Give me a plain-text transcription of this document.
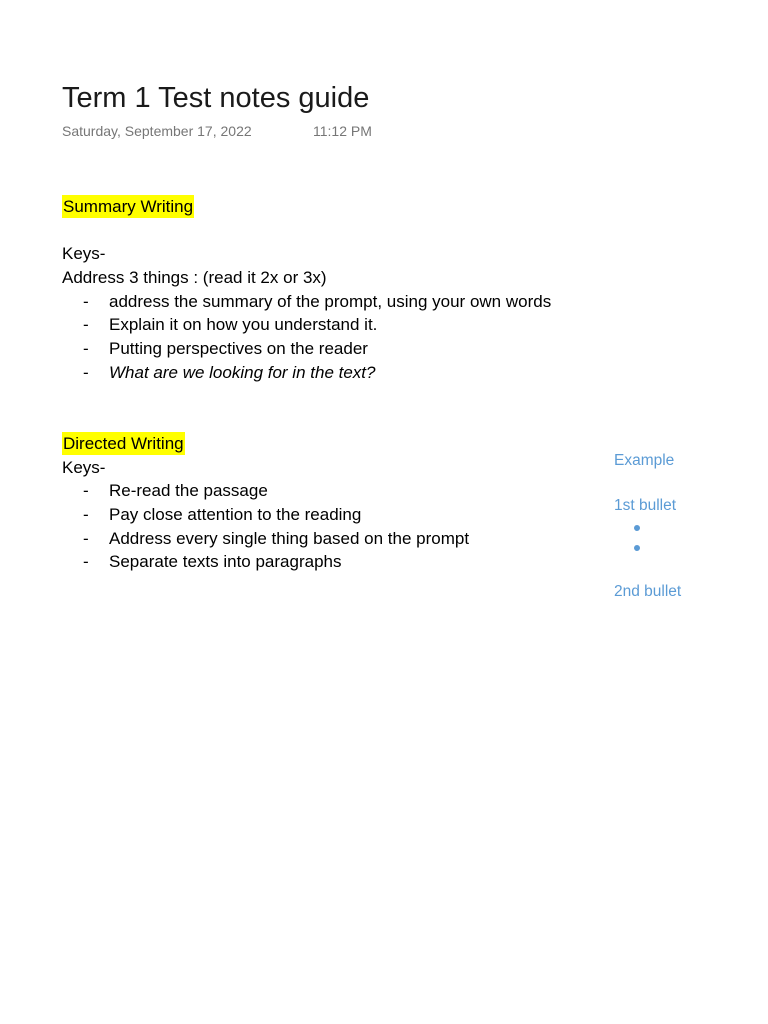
Term 1 Test notes guide
Saturday, September 17, 2022	11:12 PM
Summary Writing
Keys-
Address 3 things : (read it 2x or 3x)
- address the summary of the prompt, using your own words
- Explain it on how you understand it.
- Putting perspectives on the reader
- What are we looking for in the text?
Directed Writing
Keys-
- Re-read the passage
- Pay close attention to the reading
- Address every single thing based on the prompt
- Separate texts into paragraphs
Example
1st bullet
2nd bullet
